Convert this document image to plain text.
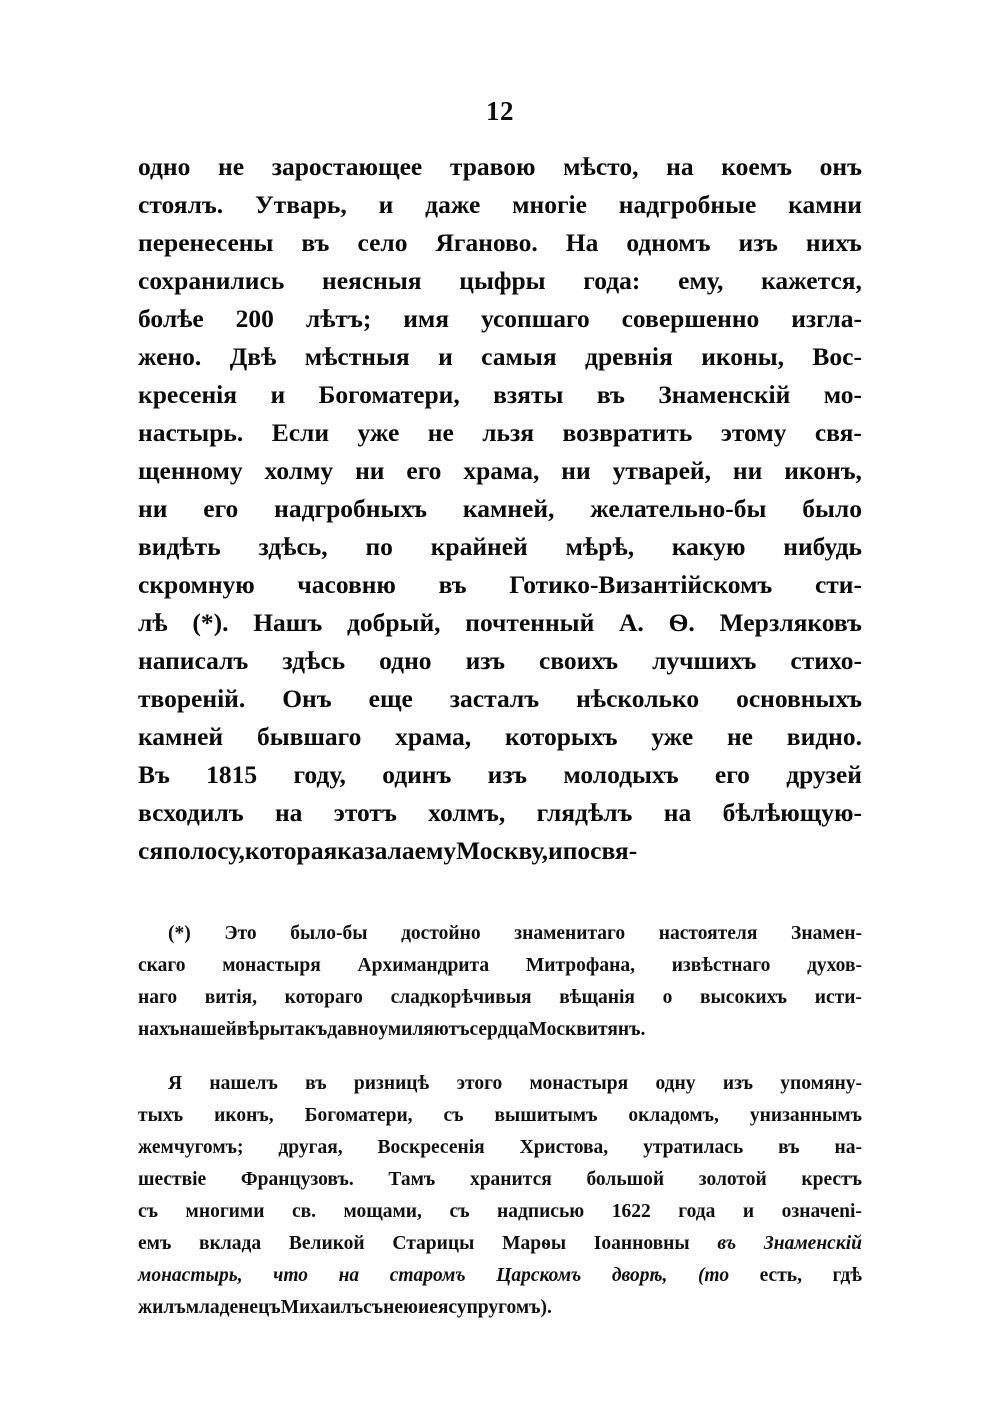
12
одно не заростающее травою мѣсто, на коемъ онъ
стоялъ. Утварь, и даже многіе надгробные камни
перенесены въ село Яганово. На одномъ изъ нихъ
сохранились неясныя цыфры года: ему, кажется,
болѣе 200 лѣтъ; имя усопшаго совершенно изгла-
жено. Двѣ мѣстныя и самыя древнія иконы, Вос-
кресенія и Богоматери, взяты въ Знаменскій мо-
настырь. Если уже не льзя возвратить этому свя-
щенному холму ни его храма, ни утварей, ни иконъ,
ни его надгробныхъ камней, желательно-бы было
видѣть здѣсь, по крайней мѣрѣ, какую нибудь
скромную часовню въ Готико-Византійскомъ сти-
лѣ (*). Нашъ добрый, почтенный А. Ѳ. Мерзляковъ
написалъ здѣсь одно изъ своихъ лучшихъ стихо-
твореній. Онъ еще засталъ нѣсколько основныхъ
камней бывшаго храма, которыхъ уже не видно.
Въ 1815 году, одинъ изъ молодыхъ его друзей
всходилъ на этотъ холмъ, глядѣлъ на бѣлѣющую-
ся полосу, которая казала ему Москву, и посвя-
(*) Это было-бы достойно знаменитаго настоятеля Знамен-
скаго монастыря Архимандрита Митрофана, извѣстнаго духов-
наго витія, котораго сладкорѣчивыя вѣщанія о высокихъ исти-
нахъ нашей вѣры такъ давно умиляютъ сердца Москвитянъ.
Я нашелъ въ ризницѣ этого монастыря одну изъ упомяну-
тыхъ иконъ, Богоматери, съ вышитымъ окладомъ, унизаннымъ
жемчугомъ; другая, Воскресенія Христова, утратилась въ на-
шествіе Французовъ. Тамъ хранится большой золотой крестъ
съ многими св. мощами, съ надписью 1622 года и означеni-
емъ вклада Великой Старицы Марѳы Іоанновны въ Знаменскій
монастырь, что на старомъ Царскомъ дворѣ, (то есть, гдѣ
жилъ младенецъ Михаилъ съ нею и ея супругомъ).
